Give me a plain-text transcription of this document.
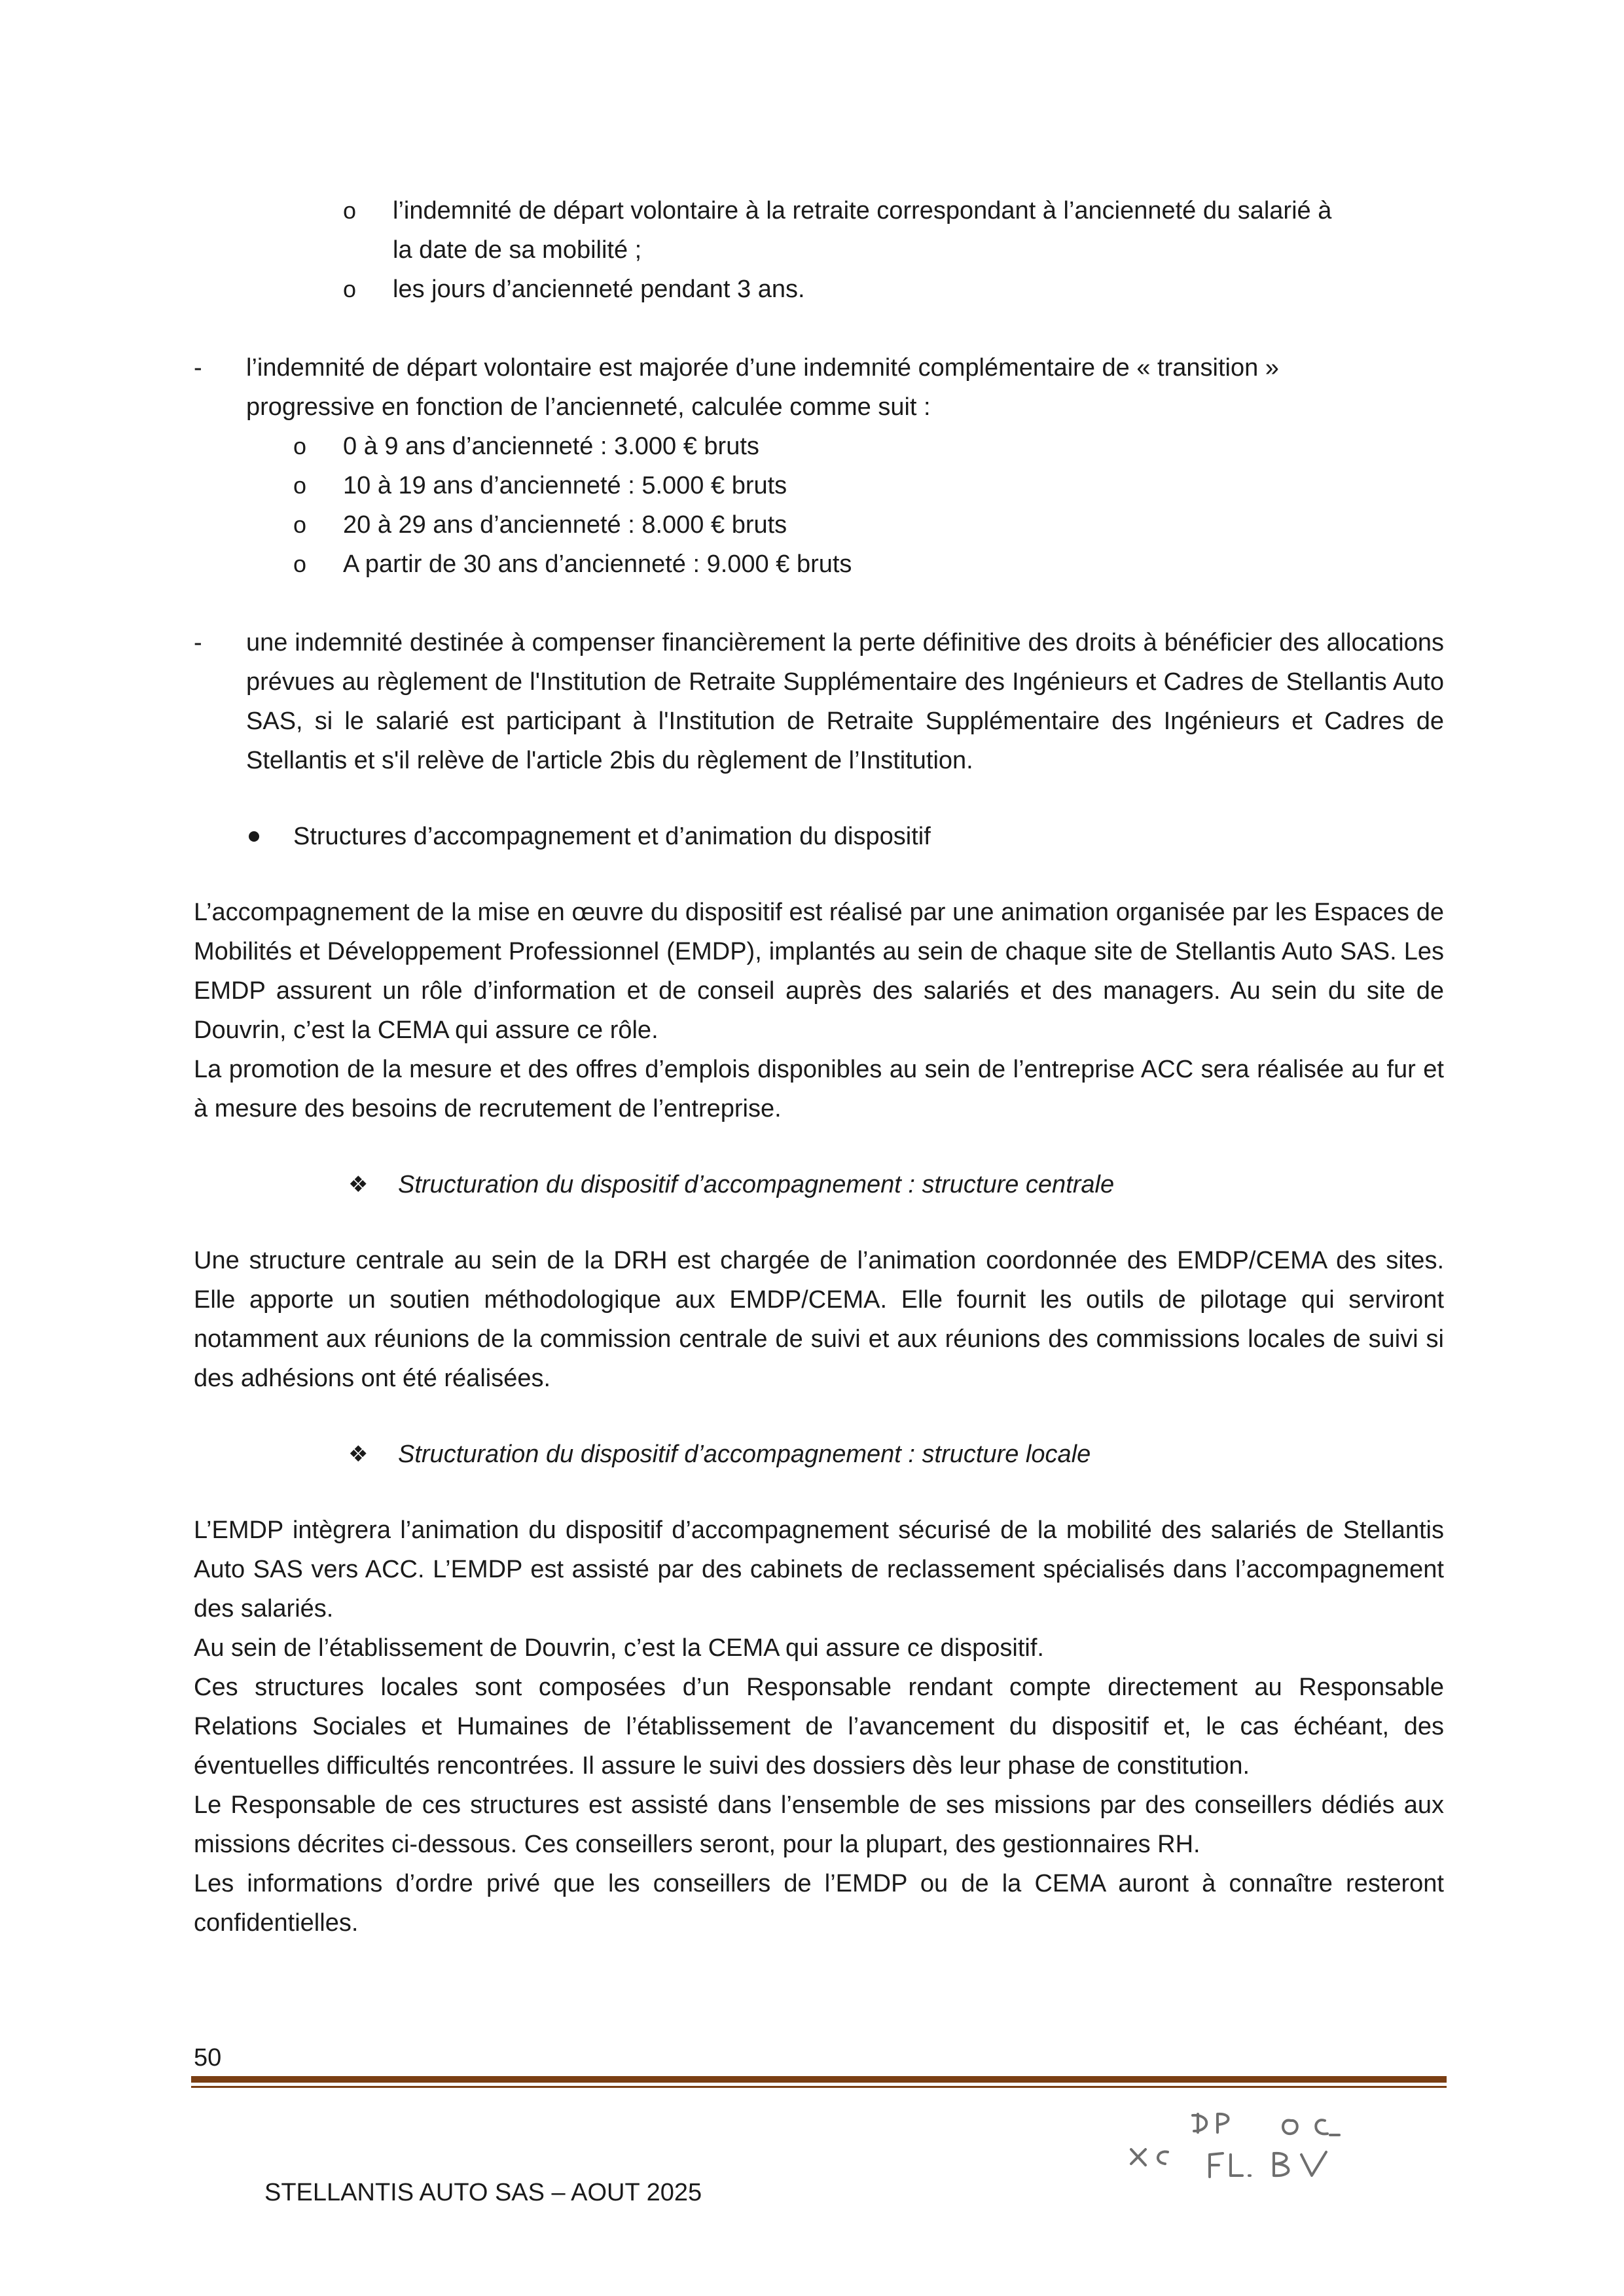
o l’indemnité de départ volontaire à la retraite correspondant à l’ancienneté du salarié à
la date de sa mobilité ;
o les jours d’ancienneté pendant 3 ans.
- l’indemnité de départ volontaire est majorée d’une indemnité complémentaire de « transition »
progressive en fonction de l’ancienneté, calculée comme suit :
o 0 à 9 ans d’ancienneté : 3.000 € bruts
o 10 à 19 ans d’ancienneté : 5.000 € bruts
o 20 à 29 ans d’ancienneté : 8.000 € bruts
o A partir de 30 ans d’ancienneté : 9.000 € bruts
- une indemnité destinée à compenser financièrement la perte définitive des droits à bénéficier des allocations prévues au règlement de l'Institution de Retraite Supplémentaire des Ingénieurs et Cadres de Stellantis Auto SAS, si le salarié est participant à l'Institution de Retraite Supplémentaire des Ingénieurs et Cadres de Stellantis et s'il relève de l'article 2bis du règlement de l’Institution.
Structures d’accompagnement et d’animation du dispositif
L’accompagnement de la mise en œuvre du dispositif est réalisé par une animation organisée par les Espaces de Mobilités et Développement Professionnel (EMDP), implantés au sein de chaque site de Stellantis Auto SAS. Les EMDP assurent un rôle d’information et de conseil auprès des salariés et des managers. Au sein du site de Douvrin, c’est la CEMA qui assure ce rôle.
La promotion de la mesure et des offres d’emplois disponibles au sein de l’entreprise ACC sera réalisée au fur et à mesure des besoins de recrutement de l’entreprise.
❖ Structuration du dispositif d’accompagnement : structure centrale
Une structure centrale au sein de la DRH est chargée de l’animation coordonnée des EMDP/CEMA des sites. Elle apporte un soutien méthodologique aux EMDP/CEMA. Elle fournit les outils de pilotage qui serviront notamment aux réunions de la commission centrale de suivi et aux réunions des commissions locales de suivi si des adhésions ont été réalisées.
❖ Structuration du dispositif d’accompagnement : structure locale
L’EMDP intègrera l’animation du dispositif d’accompagnement sécurisé de la mobilité des salariés de Stellantis Auto SAS vers ACC. L’EMDP est assisté par des cabinets de reclassement spécialisés dans l’accompagnement des salariés.
Au sein de l’établissement de Douvrin, c’est la CEMA qui assure ce dispositif.
Ces structures locales sont composées d’un Responsable rendant compte directement au Responsable Relations Sociales et Humaines de l’établissement de l’avancement du dispositif et, le cas échéant, des éventuelles difficultés rencontrées. Il assure le suivi des dossiers dès leur phase de constitution.
Le Responsable de ces structures est assisté dans l’ensemble de ses missions par des conseillers dédiés aux missions décrites ci-dessous. Ces conseillers seront, pour la plupart, des gestionnaires RH.
Les informations d’ordre privé que les conseillers de l’EMDP ou de la CEMA auront à connaître resteront confidentielles.
50
STELLANTIS AUTO SAS – AOUT 2025
